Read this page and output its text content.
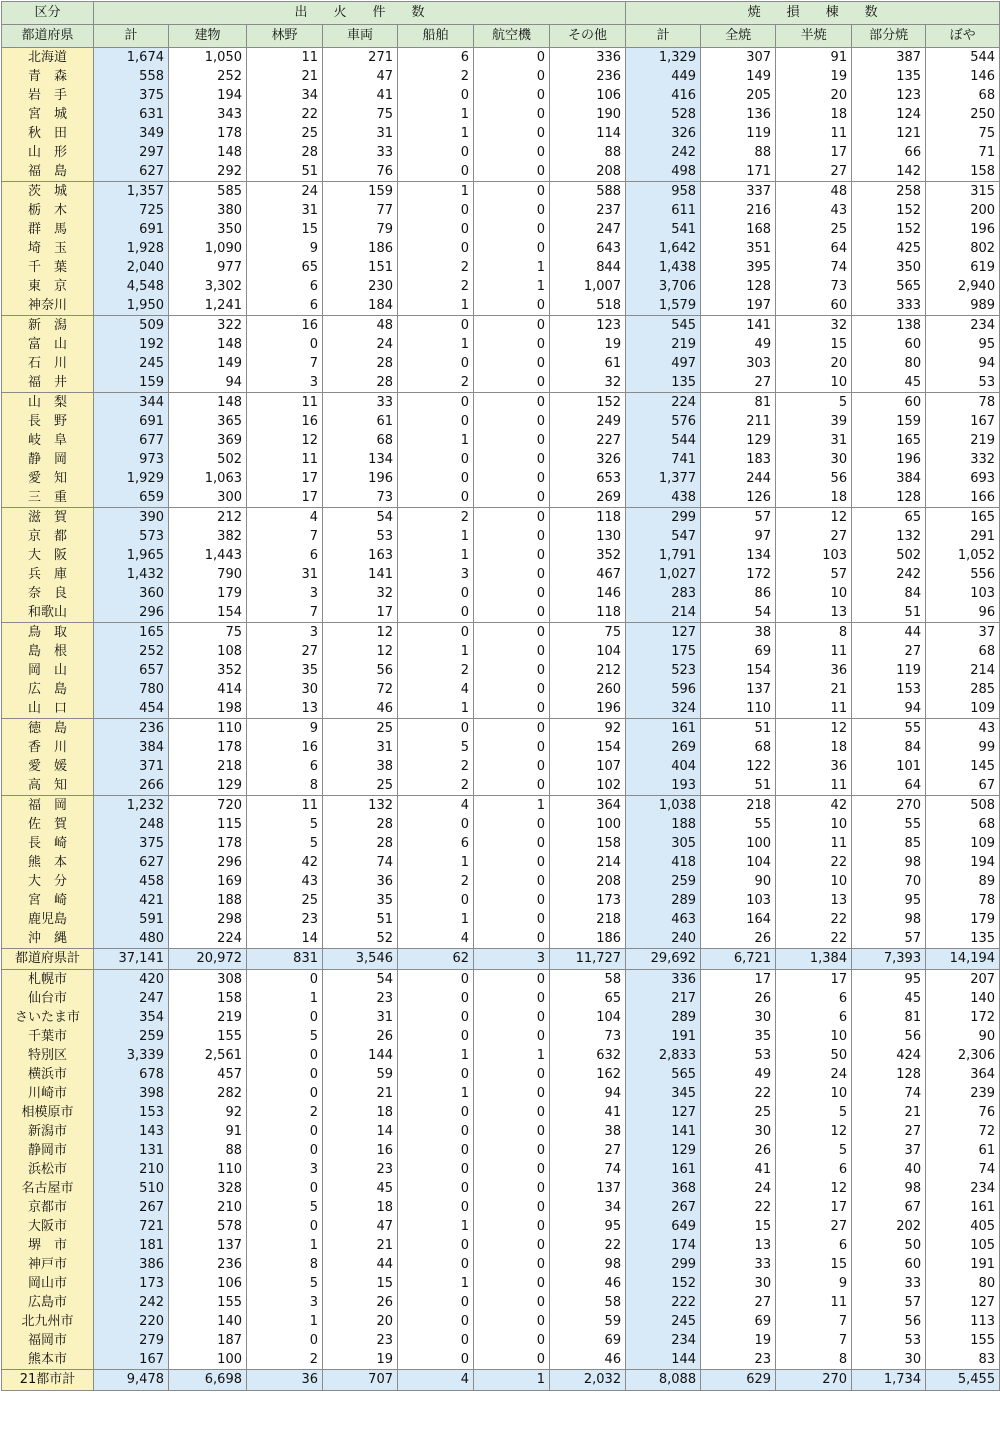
区分	出　　火　　件　　数							焼　　損　　棟　　数				
都道府県	計	建物	林野	車両	船舶	航空機	その他	計	全焼	半焼	部分焼	ぼや
北海道	1,674	1,050	11	271	6	0	336	1,329	307	91	387	544
青　森	558	252	21	47	2	0	236	449	149	19	135	146
岩　手	375	194	34	41	0	0	106	416	205	20	123	68
宮　城	631	343	22	75	1	0	190	528	136	18	124	250
秋　田	349	178	25	31	1	0	114	326	119	11	121	75
山　形	297	148	28	33	0	0	88	242	88	17	66	71
福　島	627	292	51	76	0	0	208	498	171	27	142	158
茨　城	1,357	585	24	159	1	0	588	958	337	48	258	315
栃　木	725	380	31	77	0	0	237	611	216	43	152	200
群　馬	691	350	15	79	0	0	247	541	168	25	152	196
埼　玉	1,928	1,090	9	186	0	0	643	1,642	351	64	425	802
千　葉	2,040	977	65	151	2	1	844	1,438	395	74	350	619
東　京	4,548	3,302	6	230	2	1	1,007	3,706	128	73	565	2,940
神奈川	1,950	1,241	6	184	1	0	518	1,579	197	60	333	989
新　潟	509	322	16	48	0	0	123	545	141	32	138	234
富　山	192	148	0	24	1	0	19	219	49	15	60	95
石　川	245	149	7	28	0	0	61	497	303	20	80	94
福　井	159	94	3	28	2	0	32	135	27	10	45	53
山　梨	344	148	11	33	0	0	152	224	81	5	60	78
長　野	691	365	16	61	0	0	249	576	211	39	159	167
岐　阜	677	369	12	68	1	0	227	544	129	31	165	219
静　岡	973	502	11	134	0	0	326	741	183	30	196	332
愛　知	1,929	1,063	17	196	0	0	653	1,377	244	56	384	693
三　重	659	300	17	73	0	0	269	438	126	18	128	166
滋　賀	390	212	4	54	2	0	118	299	57	12	65	165
京　都	573	382	7	53	1	0	130	547	97	27	132	291
大　阪	1,965	1,443	6	163	1	0	352	1,791	134	103	502	1,052
兵　庫	1,432	790	31	141	3	0	467	1,027	172	57	242	556
奈　良	360	179	3	32	0	0	146	283	86	10	84	103
和歌山	296	154	7	17	0	0	118	214	54	13	51	96
鳥　取	165	75	3	12	0	0	75	127	38	8	44	37
島　根	252	108	27	12	1	0	104	175	69	11	27	68
岡　山	657	352	35	56	2	0	212	523	154	36	119	214
広　島	780	414	30	72	4	0	260	596	137	21	153	285
山　口	454	198	13	46	1	0	196	324	110	11	94	109
徳　島	236	110	9	25	0	0	92	161	51	12	55	43
香　川	384	178	16	31	5	0	154	269	68	18	84	99
愛　媛	371	218	6	38	2	0	107	404	122	36	101	145
高　知	266	129	8	25	2	0	102	193	51	11	64	67
福　岡	1,232	720	11	132	4	1	364	1,038	218	42	270	508
佐　賀	248	115	5	28	0	0	100	188	55	10	55	68
長　崎	375	178	5	28	6	0	158	305	100	11	85	109
熊　本	627	296	42	74	1	0	214	418	104	22	98	194
大　分	458	169	43	36	2	0	208	259	90	10	70	89
宮　崎	421	188	25	35	0	0	173	289	103	13	95	78
鹿児島	591	298	23	51	1	0	218	463	164	22	98	179
沖　縄	480	224	14	52	4	0	186	240	26	22	57	135
都道府県計	37,141	20,972	831	3,546	62	3	11,727	29,692	6,721	1,384	7,393	14,194
札幌市	420	308	0	54	0	0	58	336	17	17	95	207
仙台市	247	158	1	23	0	0	65	217	26	6	45	140
さいたま市	354	219	0	31	0	0	104	289	30	6	81	172
千葉市	259	155	5	26	0	0	73	191	35	10	56	90
特別区	3,339	2,561	0	144	1	1	632	2,833	53	50	424	2,306
横浜市	678	457	0	59	0	0	162	565	49	24	128	364
川崎市	398	282	0	21	1	0	94	345	22	10	74	239
相模原市	153	92	2	18	0	0	41	127	25	5	21	76
新潟市	143	91	0	14	0	0	38	141	30	12	27	72
静岡市	131	88	0	16	0	0	27	129	26	5	37	61
浜松市	210	110	3	23	0	0	74	161	41	6	40	74
名古屋市	510	328	0	45	0	0	137	368	24	12	98	234
京都市	267	210	5	18	0	0	34	267	22	17	67	161
大阪市	721	578	0	47	1	0	95	649	15	27	202	405
堺　市	181	137	1	21	0	0	22	174	13	6	50	105
神戸市	386	236	8	44	0	0	98	299	33	15	60	191
岡山市	173	106	5	15	1	0	46	152	30	9	33	80
広島市	242	155	3	26	0	0	58	222	27	11	57	127
北九州市	220	140	1	20	0	0	59	245	69	7	56	113
福岡市	279	187	0	23	0	0	69	234	19	7	53	155
熊本市	167	100	2	19	0	0	46	144	23	8	30	83
21都市計	9,478	6,698	36	707	4	1	2,032	8,088	629	270	1,734	5,455
